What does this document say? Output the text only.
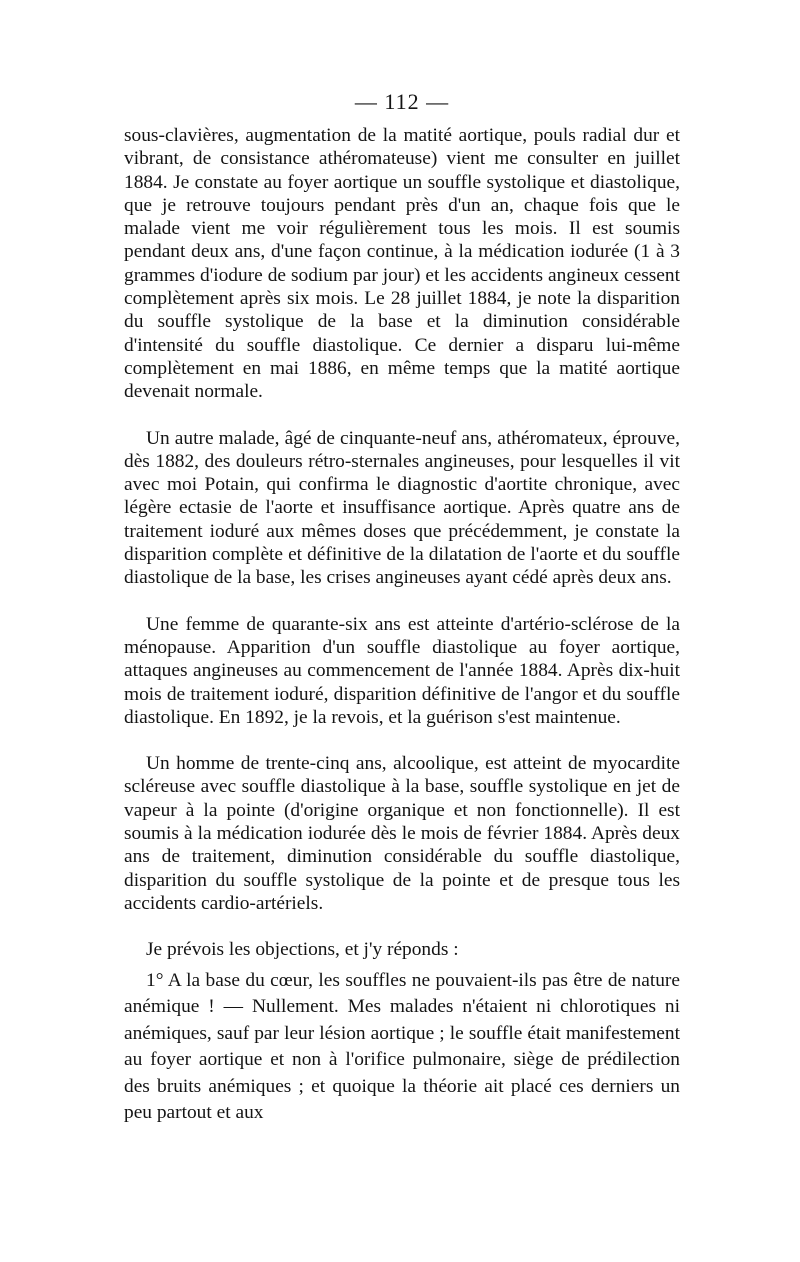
— 112 —

sous-clavières, augmentation de la matité aortique, pouls radial dur et vibrant, de consistance athéromateuse) vient me consulter en juillet 1884. Je constate au foyer aortique un souffle systolique et diastolique, que je retrouve toujours pendant près d'un an, chaque fois que le malade vient me voir régulièrement tous les mois. Il est soumis pendant deux ans, d'une façon continue, à la médication iodurée (1 à 3 grammes d'iodure de sodium par jour) et les accidents angineux cessent complètement après six mois. Le 28 juillet 1884, je note la disparition du souffle systolique de la base et la diminution considérable d'intensité du souffle diastolique. Ce dernier a disparu lui-même complètement en mai 1886, en même temps que la matité aortique devenait normale.

Un autre malade, âgé de cinquante-neuf ans, athéromateux, éprouve, dès 1882, des douleurs rétro-sternales angineuses, pour lesquelles il vit avec moi Potain, qui confirma le diagnostic d'aortite chronique, avec légère ectasie de l'aorte et insuffisance aortique. Après quatre ans de traitement ioduré aux mêmes doses que précédemment, je constate la disparition complète et définitive de la dilatation de l'aorte et du souffle diastolique de la base, les crises angineuses ayant cédé après deux ans.

Une femme de quarante-six ans est atteinte d'artério-sclérose de la ménopause. Apparition d'un souffle diastolique au foyer aortique, attaques angineuses au commencement de l'année 1884. Après dix-huit mois de traitement ioduré, disparition définitive de l'angor et du souffle diastolique. En 1892, je la revois, et la guérison s'est maintenue.

Un homme de trente-cinq ans, alcoolique, est atteint de myocardite scléreuse avec souffle diastolique à la base, souffle systolique en jet de vapeur à la pointe (d'origine organique et non fonctionnelle). Il est soumis à la médication iodurée dès le mois de février 1884. Après deux ans de traitement, diminution considérable du souffle diastolique, disparition du souffle systolique de la pointe et de presque tous les accidents cardio-artériels.

Je prévois les objections, et j'y réponds :

1° A la base du cœur, les souffles ne pouvaient-ils pas être de nature anémique ! — Nullement. Mes malades n'étaient ni chlorotiques ni anémiques, sauf par leur lésion aortique ; le souffle était manifestement au foyer aortique et non à l'orifice pulmonaire, siège de prédilection des bruits anémiques ; et quoique la théorie ait placé ces derniers un peu partout et aux
